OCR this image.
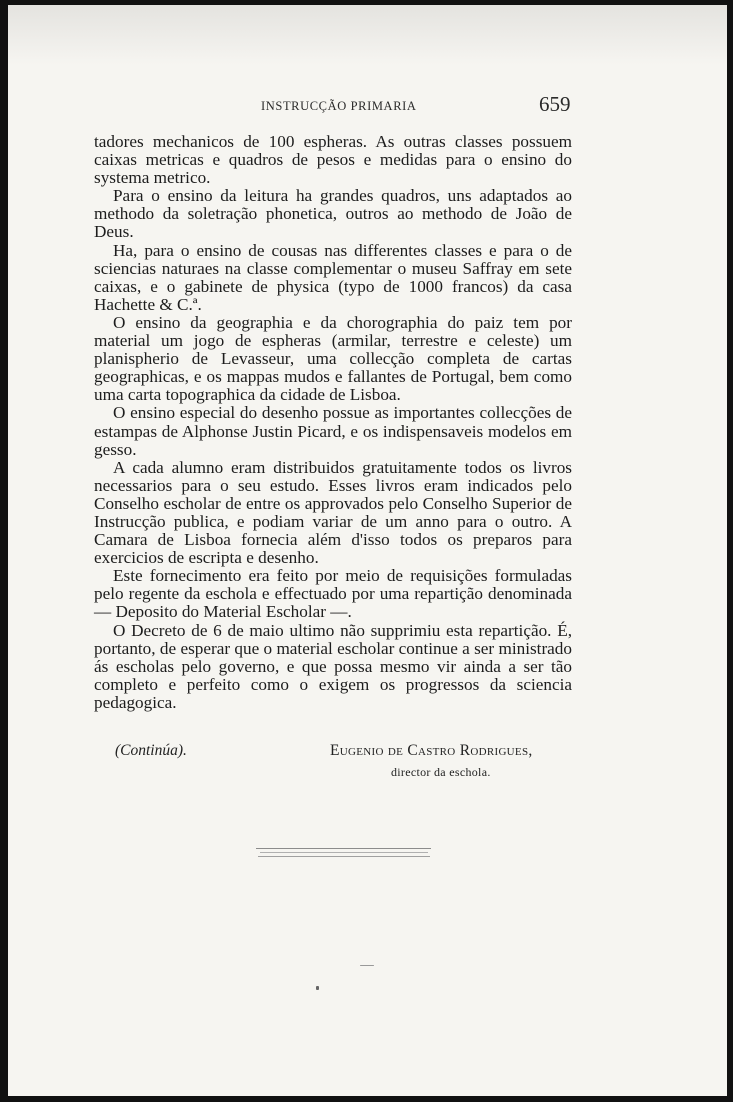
INSTRUCÇÃO PRIMARIA	659

tadores mechanicos de 100 espheras. As outras classes possuem caixas metricas e quadros de pesos e medidas para o ensino do systema metrico.

Para o ensino da leitura ha grandes quadros, uns adaptados ao methodo da soletração phonetica, outros ao methodo de João de Deus.

Ha, para o ensino de cousas nas differentes classes e para o de sciencias naturaes na classe complementar o museu Saffray em sete caixas, e o gabinete de physica (typo de 1000 francos) da casa Hachette & C.ª.

O ensino da geographia e da chorographia do paiz tem por material um jogo de espheras (armilar, terrestre e celeste) um planispherio de Levasseur, uma collecção completa de cartas geographicas, e os mappas mudos e fallantes de Portugal, bem como uma carta topographica da cidade de Lisboa.

O ensino especial do desenho possue as importantes collecções de estampas de Alphonse Justin Picard, e os indispensaveis modelos em gesso.

A cada alumno eram distribuidos gratuitamente todos os livros necessarios para o seu estudo. Esses livros eram indicados pelo Conselho escholar de entre os approvados pelo Conselho Superior de Instrucção publica, e podiam variar de um anno para o outro. A Camara de Lisboa fornecia além d'isso todos os preparos para exercicios de escripta e desenho.

Este fornecimento era feito por meio de requisições formuladas pelo regente da eschola e effectuado por uma repartição denominada — Deposito do Material Escholar —.

O Decreto de 6 de maio ultimo não supprimiu esta repartição. É, portanto, de esperar que o material escholar continue a ser ministrado ás escholas pelo governo, e que possa mesmo vir ainda a ser tão completo e perfeito como o exigem os progressos da sciencia pedagogica.

(Continúa).	Eugenio de Castro Rodrigues,
director da eschola.
